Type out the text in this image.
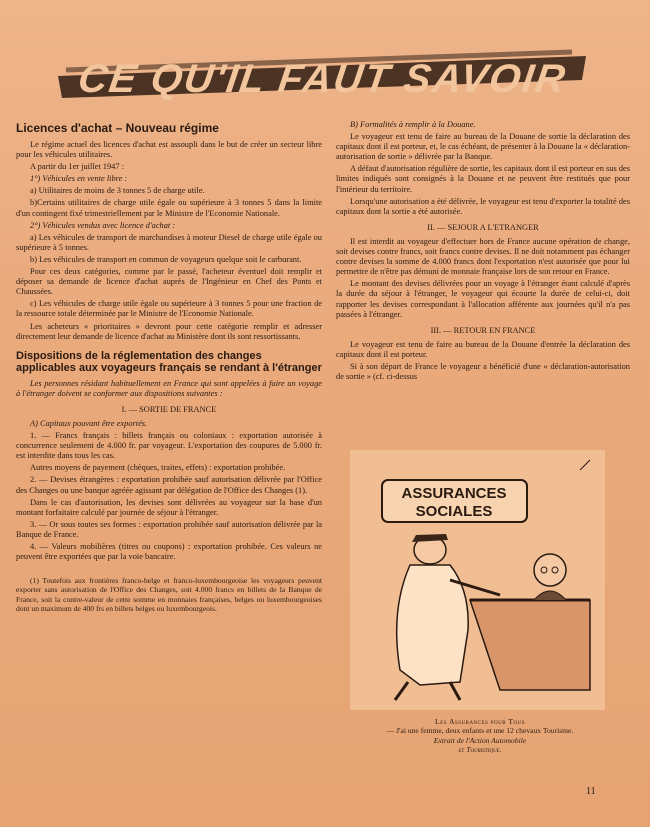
CE QU'IL FAUT SAVOIR
Licences d'achat – Nouveau régime

Le régime actuel des licences d'achat est assoupli dans le but de créer un secteur libre pour les véhicules utilitaires.

A partir du 1er juillet 1947 :

1°) Véhicules en vente libre :

a) Utilitaires de moins de 3 tonnes 5 de charge utile.

b)Certains utilitaires de charge utile égale ou supérieure à 3 tonnes 5 dans la limite d'un contingent fixé trimestriellement par le Ministre de l'Economie Nationale.

2°) Véhicules vendus avec licence d'achat :

a) Les véhicules de transport de marchandises à moteur Diesel de charge utile égale ou supérieure à 5 tonnes.

b) Les véhicules de transport en commun de voyageurs quelque soit le carburant.

Pour ces deux catégories, comme par le passé, l'acheteur éventuel doit remplir et déposer sa demande de licence d'achat auprès de l'Ingénieur en Chef des Ponts et Chaussées.

c) Les véhicules de charge utile égale ou supérieure à 3 tonnes 5 pour une fraction de la ressource totale déterminée par le Ministre de l'Economie Nationale.

Les acheteurs « prioritaires » devront pour cette catégorie remplir et adresser directement leur demande de licence d'achat au Ministère dont ils sont ressortissants.

Dispositions de la réglementation des changes applicables aux voyageurs français se rendant à l'étranger

Les personnes résidant habituellement en France qui sont appelées à faire un voyage à l'étranger doivent se conformer aux dispositions suivantes :

I. — SORTIE DE FRANCE

A) Capitaux pouvant être exportés.

1. — Francs français : billets français ou coloniaux : exportation autorisée à concurrence seulement de 4.000 fr. par voyageur. L'exportation des coupures de 5.000 fr. est interdite dans tous les cas.

Autres moyens de payement (chèques, traites, effets) : exportation prohibée.

2. — Devises étrangères : exportation prohibée sauf autorisation délivrée par l'Office des Changes ou une banque agréée agissant par délégation de l'Office des Changes (1).

Dans le cas d'autorisation, les devises sont délivrées au voyageur sur la base d'un montant forfaitaire calculé par journée de séjour à l'étranger.

3. — Or sous toutes ses formes : exportation prohibée sauf autorisation délivrée par la Banque de France.

4. — Valeurs mobilières (titres ou coupons) : exportation prohibée. Ces valeurs ne peuvent être exportées que par la voie bancaire.

(1) Toutefois aux frontières franco-belge et franco-luxembourgeoise les voyageurs peuvent exporter sans autorisation de l'Office des Changes, soit 4.000 francs en billets de la Banque de France, soit la contre-valeur de cette somme en monnaies françaises, belges ou luxembourgeoises dont un maximum de 400 frs en billets belges ou luxembourgeois.

B) Formalités à remplir à la Douane.

Le voyageur est tenu de faire au bureau de la Douane de sortie la déclaration des capitaux dont il est porteur, et, le cas échéant, de présenter à la Douane la « déclaration-autorisation de sortie » délivrée par la Banque.

A défaut d'autorisation régulière de sortie, les capitaux dont il est porteur en sus des limites indiqués sont consignés à la Douane et ne peuvent être restitués que pour l'intérieur du territoire.

Lorsqu'une autorisation a été délivrée, le voyageur est tenu d'exporter la totalité des capitaux dont la sortie a été autorisée.

II. — SEJOUR A L'ETRANGER

Il est interdit au voyageur d'effectuer hors de France aucune opération de change, soit devises contre francs, soit francs contre devises. Il ne doit notamment pas échanger contre devises la somme de 4.000 francs dont l'exportation n'est autorisée que pour lui permettre de n'être pas démuni de monnaie française lors de son retour en France.

Le montant des devises délivrées pour un voyage à l'étranger étant calculé d'après la durée du séjour à l'étranger, le voyageur qui écourte la durée de celui-ci, doit rapporter les devises correspondant à l'allocation afférente aux journées qu'il n'a pas passées à l'étranger.

III. — RETOUR EN FRANCE

Le voyageur est tenu de faire au bureau de la Douane d'entrée la déclaration des capitaux dont il est porteur.

Si à son départ de France le voyageur a bénéficié d'une « déclaration-autorisation de sortie » (cf. ci-dessus

ASSURANCES
SOCIALES
Les Assurances pour Tous
— J'ai une femme, deux enfants et une 12 chevaux Tourisme.
Extrait de l'Action Automobile
et Touristique.
11
